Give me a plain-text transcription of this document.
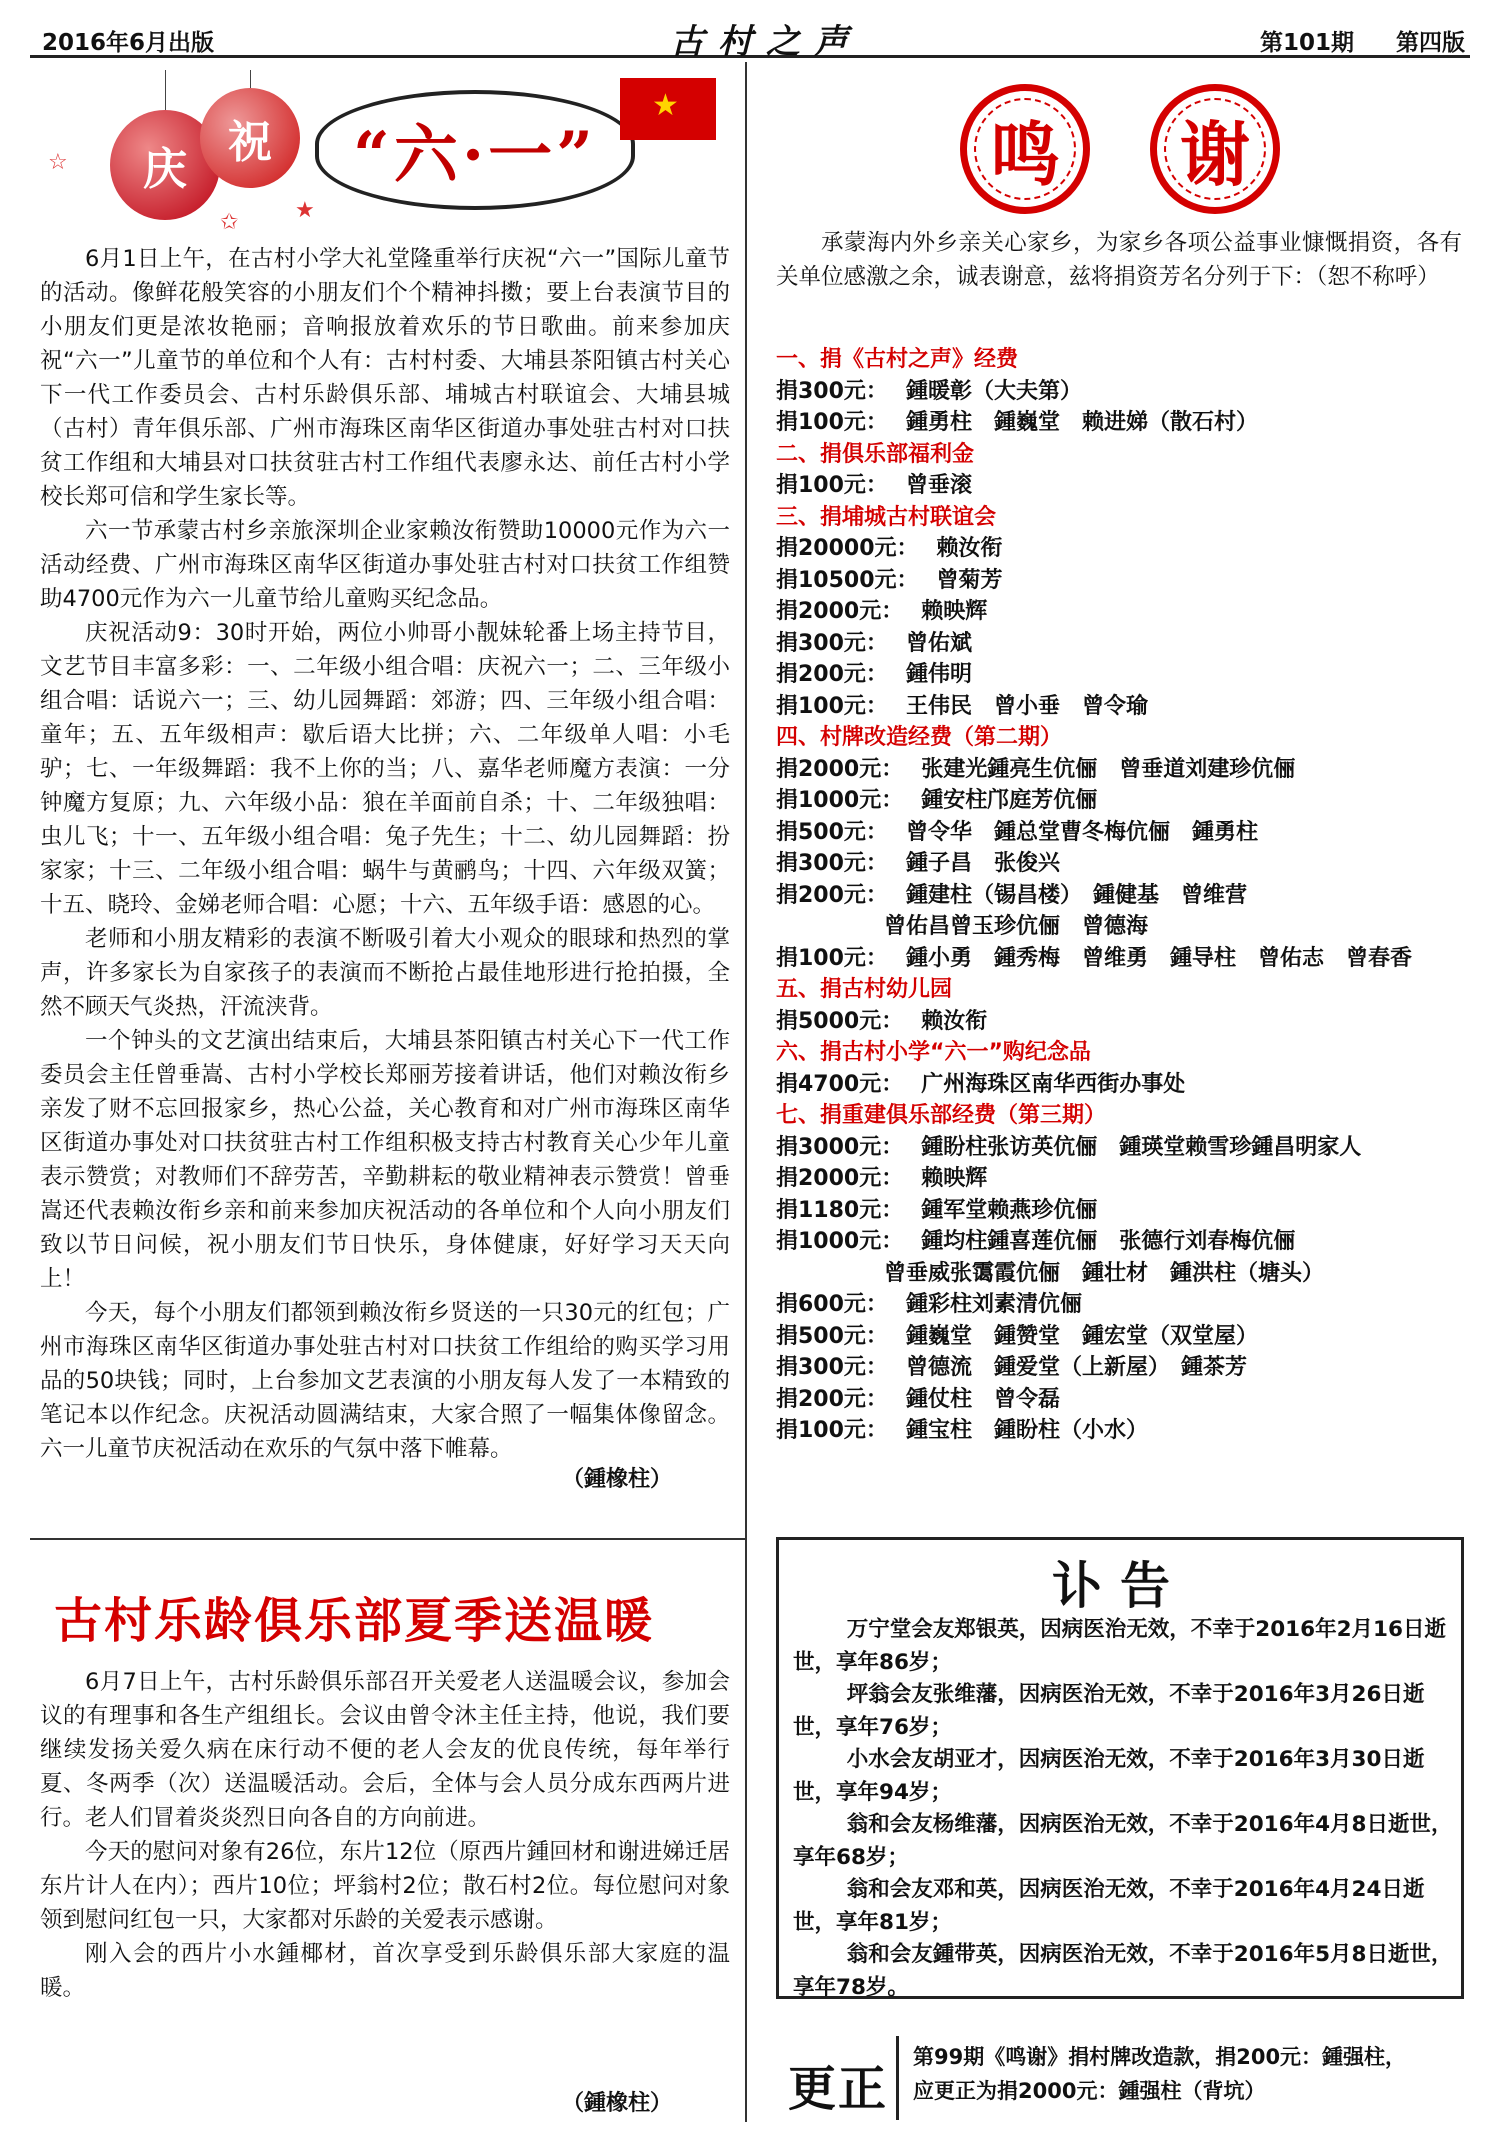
2016年6月出版	古村之声	第101期 第四版
庆
祝
☆
✩	★
“六·一”
★

6月1日上午，在古村小学大礼堂隆重举行庆祝“六一”国际儿童节的活动。像鲜花般笑容的小朋友们个个精神抖擞；要上台表演节目的小朋友们更是浓妆艳丽；音响报放着欢乐的节日歌曲。前来参加庆祝“六一”儿童节的单位和个人有：古村村委、大埔县茶阳镇古村关心下一代工作委员会、古村乐龄俱乐部、埔城古村联谊会、大埔县城（古村）青年俱乐部、广州市海珠区南华区街道办事处驻古村对口扶贫工作组和大埔县对口扶贫驻古村工作组代表廖永达、前任古村小学校长郑可信和学生家长等。

六一节承蒙古村乡亲旅深圳企业家赖汝衔赞助10000元作为六一活动经费、广州市海珠区南华区街道办事处驻古村对口扶贫工作组赞助4700元作为六一儿童节给儿童购买纪念品。

庆祝活动9：30时开始，两位小帅哥小靓妹轮番上场主持节目，文艺节目丰富多彩：一、二年级小组合唱：庆祝六一；二、三年级小组合唱：话说六一；三、幼儿园舞蹈：郊游；四、三年级小组合唱：童年；五、五年级相声：歇后语大比拼；六、二年级单人唱：小毛驴；七、一年级舞蹈：我不上你的当；八、嘉华老师魔方表演：一分钟魔方复原；九、六年级小品：狼在羊面前自杀；十、二年级独唱：虫儿飞；十一、五年级小组合唱：兔子先生；十二、幼儿园舞蹈：扮家家；十三、二年级小组合唱：蜗牛与黄鹂鸟；十四、六年级双簧；十五、晓玲、金娣老师合唱：心愿；十六、五年级手语：感恩的心。

老师和小朋友精彩的表演不断吸引着大小观众的眼球和热烈的掌声，许多家长为自家孩子的表演而不断抢占最佳地形进行抢拍摄，全然不顾天气炎热，汗流浃背。

一个钟头的文艺演出结束后，大埔县茶阳镇古村关心下一代工作委员会主任曾垂嵩、古村小学校长郑丽芳接着讲话，他们对赖汝衔乡亲发了财不忘回报家乡，热心公益，关心教育和对广州市海珠区南华区街道办事处对口扶贫驻古村工作组积极支持古村教育关心少年儿童表示赞赏；对教师们不辞劳苦，辛勤耕耘的敬业精神表示赞赏！曾垂嵩还代表赖汝衔乡亲和前来参加庆祝活动的各单位和个人向小朋友们致以节日问候，祝小朋友们节日快乐，身体健康，好好学习天天向上！

今天，每个小朋友们都领到赖汝衔乡贤送的一只30元的红包；广州市海珠区南华区街道办事处驻古村对口扶贫工作组给的购买学习用品的50块钱；同时，上台参加文艺表演的小朋友每人发了一本精致的笔记本以作纪念。庆祝活动圆满结束，大家合照了一幅集体像留念。六一儿童节庆祝活动在欢乐的气氛中落下帷幕。

（鍾橡柱）
古村乐龄俱乐部夏季送温暖

6月7日上午，古村乐龄俱乐部召开关爱老人送温暖会议，参加会议的有理事和各生产组组长。会议由曾令沐主任主持，他说，我们要继续发扬关爱久病在床行动不便的老人会友的优良传统，每年举行夏、冬两季（次）送温暖活动。会后，全体与会人员分成东西两片进行。老人们冒着炎炎烈日向各自的方向前进。

今天的慰问对象有26位，东片12位（原西片鍾回材和谢进娣迁居东片计人在内）；西片10位；坪翁村2位；散石村2位。每位慰问对象领到慰问红包一只，大家都对乐龄的关爱表示感谢。

刚入会的西片小水鍾椰材，首次享受到乐龄俱乐部大家庭的温暖。

（鍾橡柱）
鸣 谢

承蒙海内外乡亲关心家乡，为家乡各项公益事业慷慨捐资，各有关单位感激之余，诚表谢意，兹将捐资芳名分列于下：（恕不称呼）

一、捐《古村之声》经费
捐300元： 鍾暖彰（大夫第）
捐100元： 鍾勇柱　鍾巍堂　赖进娣（散石村）
二、捐俱乐部福利金
捐100元： 曾垂滚
三、捐埔城古村联谊会
捐20000元： 赖汝衔
捐10500元： 曾菊芳
捐2000元： 赖映辉
捐300元： 曾佑斌
捐200元： 鍾伟明
捐100元： 王伟民　曾小垂　曾令瑜
四、村牌改造经费（第二期）
捐2000元： 张建光鍾亮生伉俪　曾垂道刘建珍伉俪
捐1000元： 鍾安柱邝庭芳伉俪
捐500元： 曾令华　鍾总堂曹冬梅伉俪　鍾勇柱
捐300元： 鍾子昌　张俊兴
捐200元： 鍾建柱（锡昌楼）　鍾健基　曾维营
曾佑昌曾玉珍伉俪　曾德海
捐100元： 鍾小勇　鍾秀梅　曾维勇　鍾导柱　曾佑志　曾春香
五、捐古村幼儿园
捐5000元： 赖汝衔
六、捐古村小学“六一”购纪念品
捐4700元： 广州海珠区南华西街办事处
七、捐重建俱乐部经费（第三期）
捐3000元： 鍾盼柱张访英伉俪　鍾瑛堂赖雪珍鍾昌明家人
捐2000元： 赖映辉
捐1180元： 鍾军堂赖燕珍伉俪
捐1000元： 鍾均柱鍾喜莲伉俪　张德行刘春梅伉俪
曾垂威张霭霞伉俪　鍾壮材　鍾洪柱（塘头）
捐600元： 鍾彩柱刘素清伉俪
捐500元： 鍾巍堂　鍾赞堂　鍾宏堂（双堂屋）
捐300元： 曾德流　鍾爱堂（上新屋）　鍾茶芳
捐200元： 鍾仗柱　曾令磊
捐100元： 鍾宝柱　鍾盼柱（小水）
讣告

万宁堂会友郑银英，因病医治无效，不幸于2016年2月16日逝世，享年86岁；

坪翁会友张维藩，因病医治无效，不幸于2016年3月26日逝世，享年76岁；

小水会友胡亚才，因病医治无效，不幸于2016年3月30日逝世，享年94岁；

翁和会友杨维藩，因病医治无效，不幸于2016年4月8日逝世，享年68岁；

翁和会友邓和英，因病医治无效，不幸于2016年4月24日逝世，享年81岁；

翁和会友鍾带英，因病医治无效，不幸于2016年5月8日逝世，享年78岁。

更正
第99期《鸣谢》捐村牌改造款，捐200元：鍾强柱，
应更正为捐2000元：鍾强柱（背坑）
